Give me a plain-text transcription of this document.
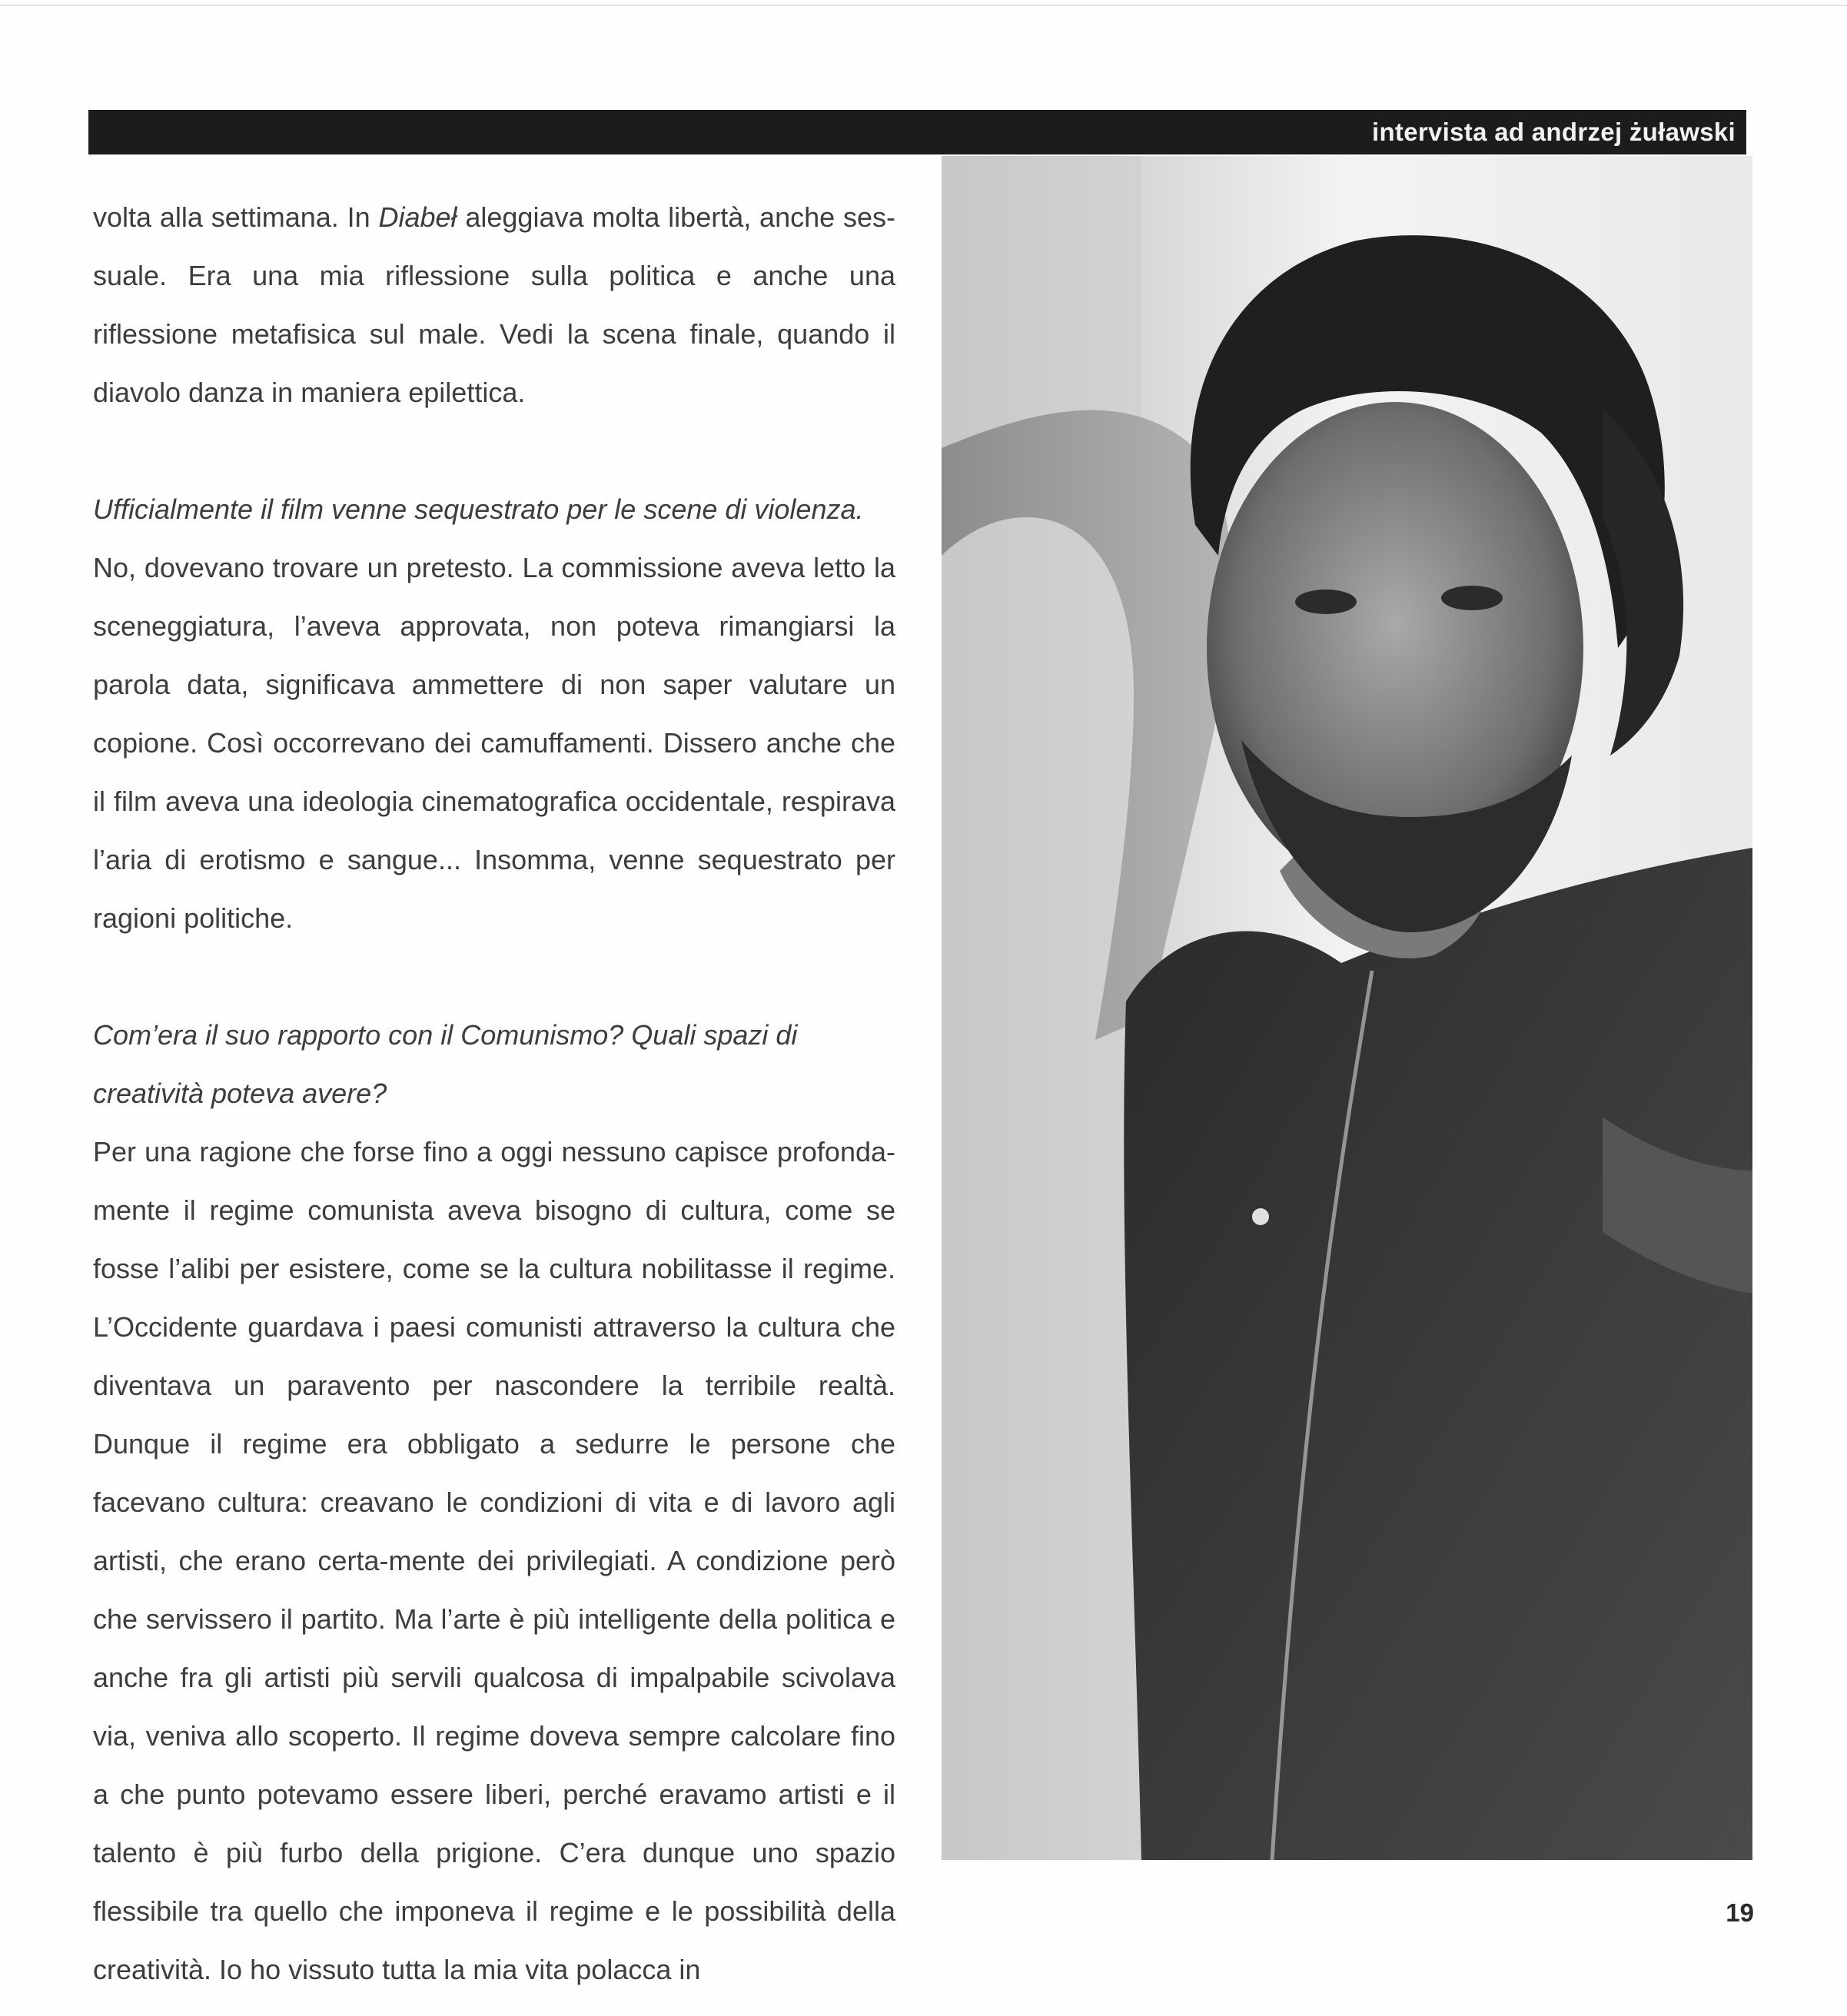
intervista ad andrzej żuławski

volta alla settimana. In Diabeł aleggiava molta libertà, anche ses-suale. Era una mia riflessione sulla politica e anche una riflessione metafisica sul male. Vedi la scena finale, quando il diavolo danza in maniera epilettica.

Ufficialmente il film venne sequestrato per le scene di violenza.

No, dovevano trovare un pretesto. La commissione aveva letto la sceneggiatura, l’aveva approvata, non poteva rimangiarsi la parola data, significava ammettere di non saper valutare un copione. Così occorrevano dei camuffamenti. Dissero anche che il film aveva una ideologia cinematografica occidentale, respirava l’aria di erotismo e sangue... Insomma, venne sequestrato per ragioni politiche.

Com’era il suo rapporto con il Comunismo? Quali spazi di creatività poteva avere?

Per una ragione che forse fino a oggi nessuno capisce profonda-mente il regime comunista aveva bisogno di cultura, come se fosse l’alibi per esistere, come se la cultura nobilitasse il regime. L’Occidente guardava i paesi comunisti attraverso la cultura che diventava un paravento per nascondere la terribile realtà. Dunque il regime era obbligato a sedurre le persone che facevano cultura: creavano le condizioni di vita e di lavoro agli artisti, che erano certa-mente dei privilegiati. A condizione però che servissero il partito. Ma l’arte è più intelligente della politica e anche fra gli artisti più servili qualcosa di impalpabile scivolava via, veniva allo scoperto. Il regime doveva sempre calcolare fino a che punto potevamo essere liberi, perché eravamo artisti e il talento è più furbo della prigione. C’era dunque uno spazio flessibile tra quello che imponeva il regime e le possibilità della creatività. Io ho vissuto tutta la mia vita polacca in

19
